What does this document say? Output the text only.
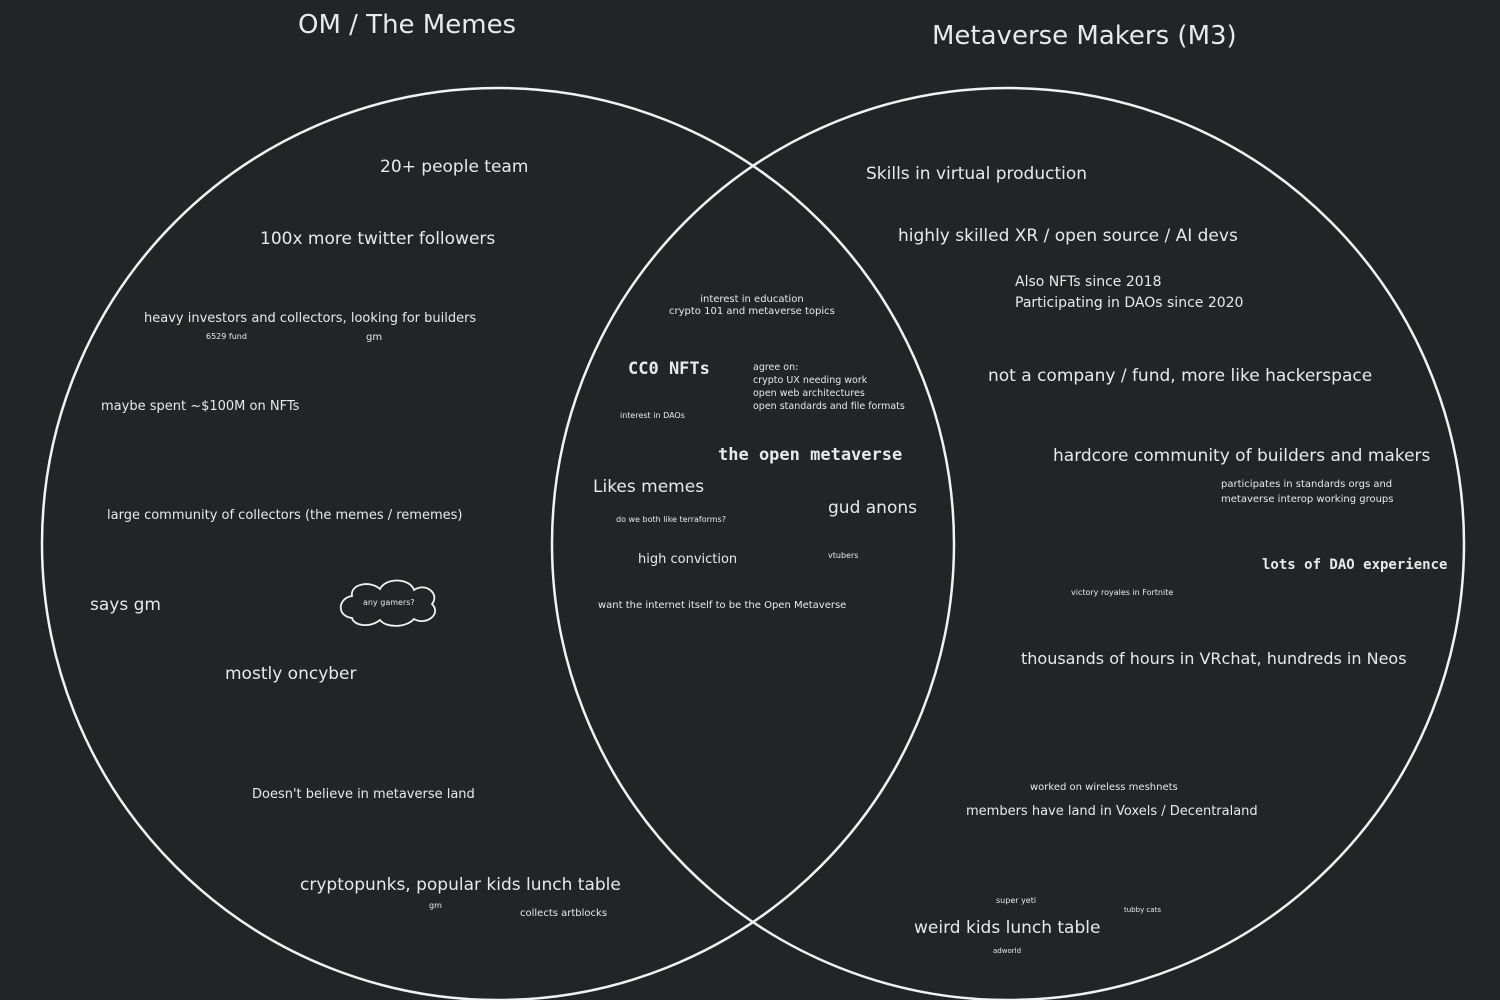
OM / The Memes	Metaverse Makers (M3)
20+ people team
100x more twitter followers
heavy investors and collectors, looking for builders
6529 fund	gm
maybe spent ~$100M on NFTs
large community of collectors (the memes / rememes)
says gm	any gamers?
mostly oncyber
Doesn't believe in metaverse land
cryptopunks, popular kids lunch table
gm
collects artblocks
interest in education
crypto 101 and metaverse topics
CC0 NFTs	agree on:
crypto UX needing work
open web architectures
open standards and file formats
interest in DAOs
the open metaverse
Likes memes
gud anons
do we both like terraforms?
high conviction	vtubers
want the internet itself to be the Open Metaverse
Skills in virtual production
highly skilled XR / open source / AI devs
Also NFTs since 2018
Participating in DAOs since 2020
not a company / fund, more like hackerspace
hardcore community of builders and makers
participates in standards orgs and
metaverse interop working groups
lots of DAO experience
victory royales in Fortnite
thousands of hours in VRchat, hundreds in Neos
worked on wireless meshnets
members have land in Voxels / Decentraland
super yeti
tubby cats
weird kids lunch table
adworld
